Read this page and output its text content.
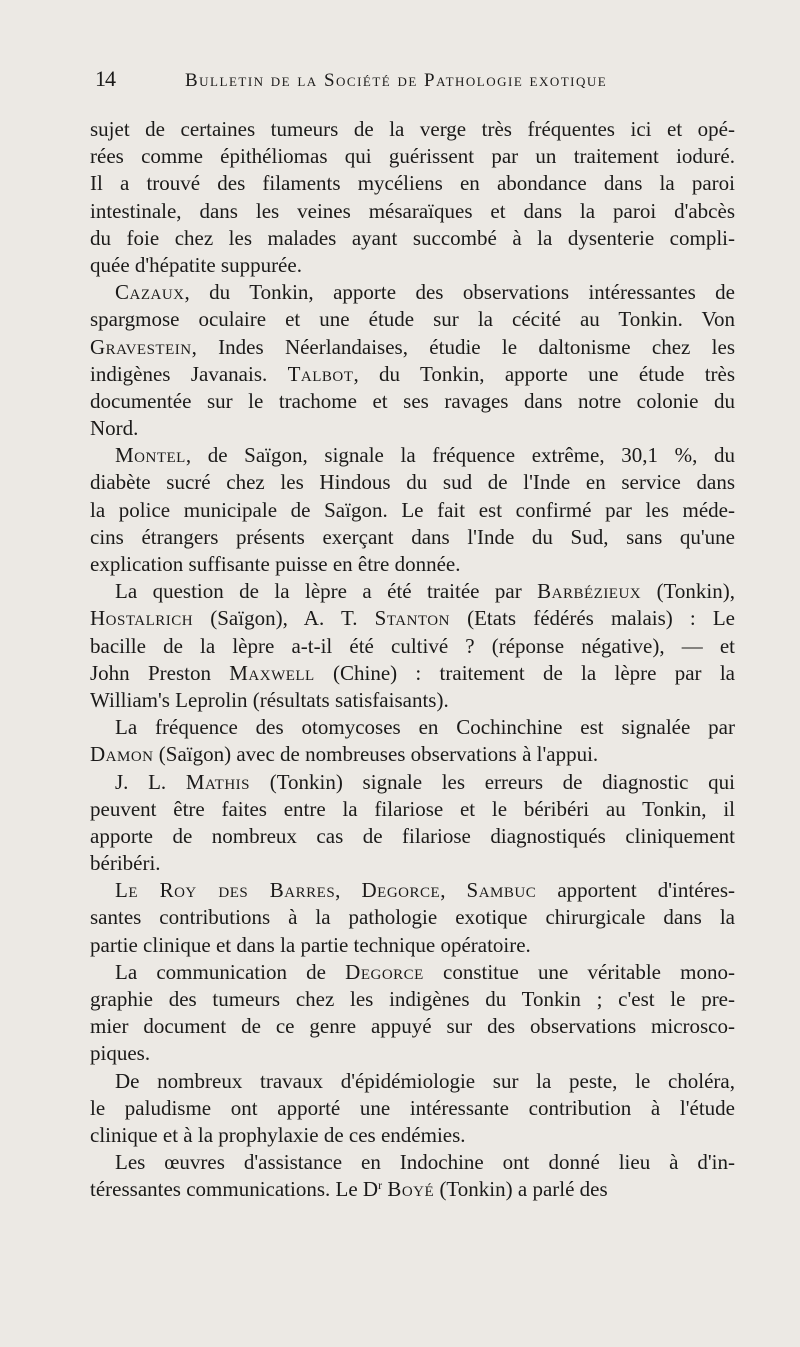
14	Bulletin de la Société de Pathologie exotique
sujet de certaines tumeurs de la verge très fréquentes ici et opé-
rées comme épithéliomas qui guérissent par un traitement ioduré.
Il a trouvé des filaments mycéliens en abondance dans la paroi
intestinale, dans les veines mésaraïques et dans la paroi d'abcès
du foie chez les malades ayant succombé à la dysenterie compli-
quée d'hépatite suppurée.
Cazaux, du Tonkin, apporte des observations intéressantes de
spargmose oculaire et une étude sur la cécité au Tonkin. Von
Gravestein, Indes Néerlandaises, étudie le daltonisme chez les
indigènes Javanais. Talbot, du Tonkin, apporte une étude très
documentée sur le trachome et ses ravages dans notre colonie du
Nord.
Montel, de Saïgon, signale la fréquence extrême, 30,1 %, du
diabète sucré chez les Hindous du sud de l'Inde en service dans
la police municipale de Saïgon. Le fait est confirmé par les méde-
cins étrangers présents exerçant dans l'Inde du Sud, sans qu'une
explication suffisante puisse en être donnée.
La question de la lèpre a été traitée par Barbézieux (Tonkin),
Hostalrich (Saïgon), A. T. Stanton (Etats fédérés malais) : Le
bacille de la lèpre a-t-il été cultivé ? (réponse négative), — et
John Preston Maxwell (Chine) : traitement de la lèpre par la
William's Leprolin (résultats satisfaisants).
La fréquence des otomycoses en Cochinchine est signalée par
Damon (Saïgon) avec de nombreuses observations à l'appui.
J. L. Mathis (Tonkin) signale les erreurs de diagnostic qui
peuvent être faites entre la filariose et le béribéri au Tonkin, il
apporte de nombreux cas de filariose diagnostiqués cliniquement
béribéri.
Le Roy des Barres, Degorce, Sambuc apportent d'intéres-
santes contributions à la pathologie exotique chirurgicale dans la
partie clinique et dans la partie technique opératoire.
La communication de Degorce constitue une véritable mono-
graphie des tumeurs chez les indigènes du Tonkin ; c'est le pre-
mier document de ce genre appuyé sur des observations microsco-
piques.
De nombreux travaux d'épidémiologie sur la peste, le choléra,
le paludisme ont apporté une intéressante contribution à l'étude
clinique et à la prophylaxie de ces endémies.
Les œuvres d'assistance en Indochine ont donné lieu à d'in-
téressantes communications. Le $D^r$ Boyé (Tonkin) a parlé des
